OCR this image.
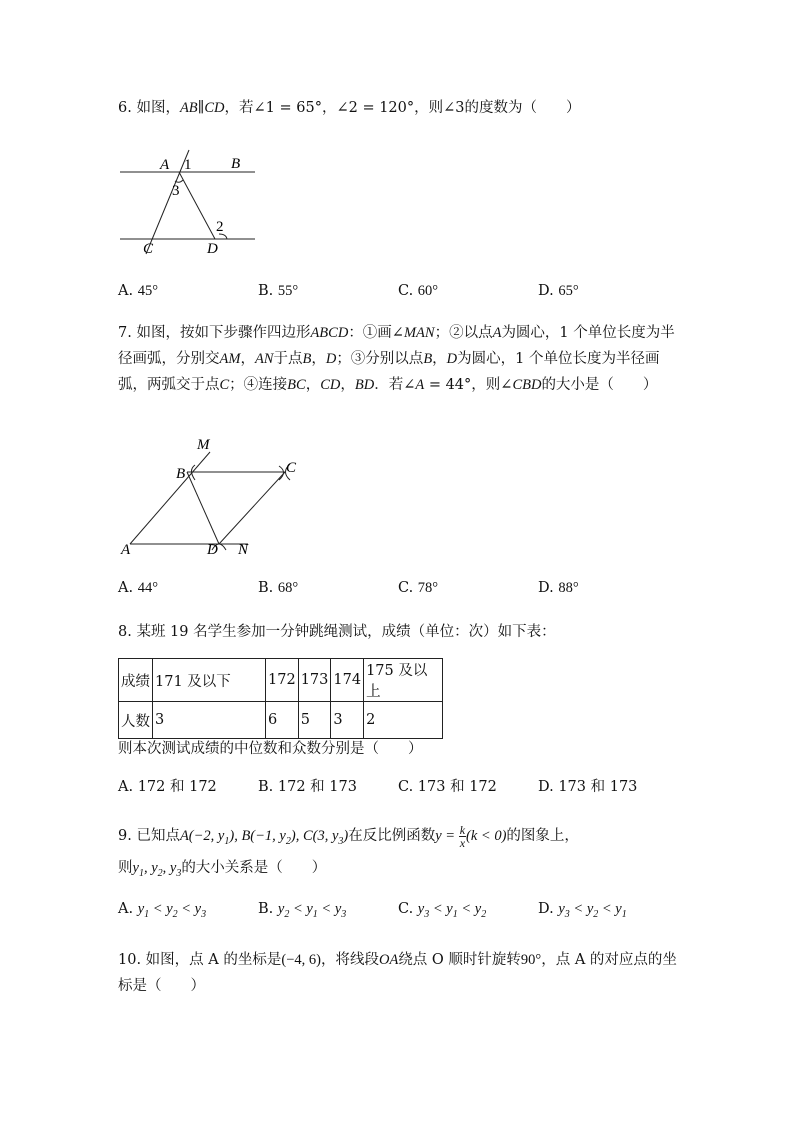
6. 如图，AB∥CD，若∠1 = 65°，∠2 = 120°，则∠3的度数为（　　）
A 1	B
3
2
C	D
A. 45°	B. 55°	C. 60°	D. 65°
7. 如图，按如下步骤作四边形ABCD：①画∠MAN；②以点A为圆心，1 个单位长度为半径画弧，分别交AM，AN于点B，D；③分别以点B，D为圆心，1 个单位长度为半径画弧，两弧交于点C；④连接BC，CD，BD．若∠A = 44°，则∠CBD的大小是（　　）
M
B	C
A	D N
A. 44°	B. 68°	C. 78°	D. 88°
8. 某班 19 名学生参加一分钟跳绳测试，成绩（单位：次）如下表：
成绩	171 及以下	172	173	174	175 及以上
人数	3	6	5	3	2
则本次测试成绩的中位数和众数分别是（　　）
A. 172 和 172	B. 172 和 173	C. 173 和 172	D. 173 和 173
9. 已知点A(−2, $y_1$), B(−1, $y_2$), C(3, $y_3$)在反比例函数$y = \frac{k}{x} (k < 0)$的图象上，
则$y_1$, $y_2$, $y_3$的大小关系是（　　）
A. $y_1 < y_2 < y_3$	B. $y_2 < y_1 < y_3$	C. $y_3 < y_1 < y_2$	D. $y_3 < y_2 < y_1$
10. 如图，点 A 的坐标是(−4, 6)，将线段OA绕点 O 顺时针旋转90°，点 A 的对应点的坐标是（　　）
